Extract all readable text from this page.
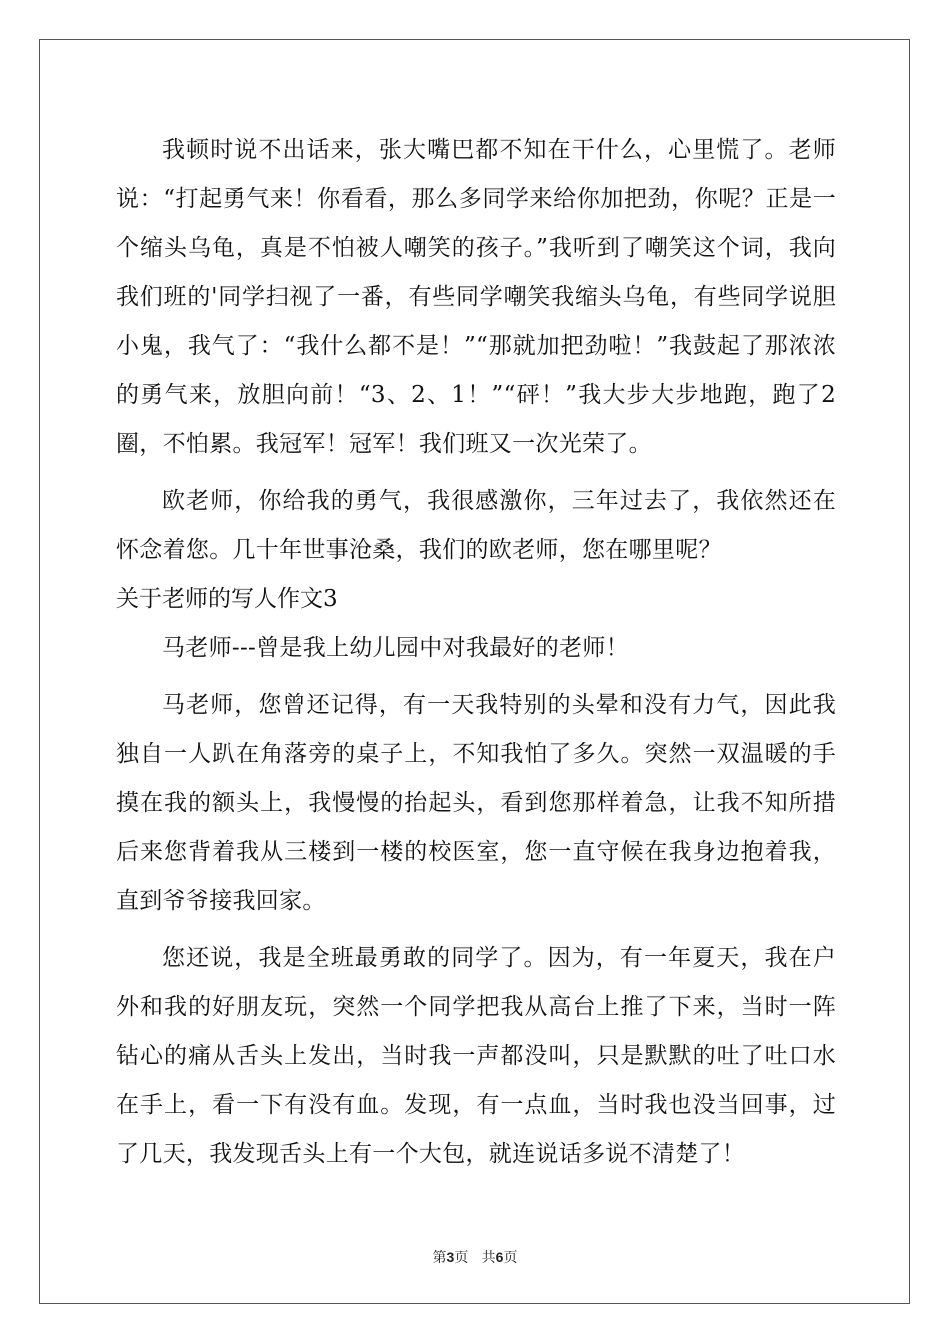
我顿时说不出话来，张大嘴巴都不知在干什么，心里慌了。老师说：“打起勇气来！你看看，那么多同学来给你加把劲，你呢？正是一个缩头乌龟，真是不怕被人嘲笑的孩子。”我听到了嘲笑这个词，我向我们班的'同学扫视了一番，有些同学嘲笑我缩头乌龟，有些同学说胆小鬼，我气了：“我什么都不是！”“那就加把劲啦！”我鼓起了那浓浓的勇气来，放胆向前！“3、2、1！”“砰！”我大步大步地跑，跑了2圈，不怕累。我冠军！冠军！我们班又一次光荣了。

欧老师，你给我的勇气，我很感激你，三年过去了，我依然还在怀念着您。几十年世事沧桑，我们的欧老师，您在哪里呢？

关于老师的写人作文3

马老师---曾是我上幼儿园中对我最好的老师！

马老师，您曾还记得，有一天我特别的头晕和没有力气，因此我独自一人趴在角落旁的桌子上，不知我怕了多久。突然一双温暖的手摸在我的额头上，我慢慢的抬起头，看到您那样着急，让我不知所措后来您背着我从三楼到一楼的校医室，您一直守候在我身边抱着我，直到爷爷接我回家。

您还说，我是全班最勇敢的同学了。因为，有一年夏天，我在户外和我的好朋友玩，突然一个同学把我从高台上推了下来，当时一阵钻心的痛从舌头上发出，当时我一声都没叫，只是默默的吐了吐口水在手上，看一下有没有血。发现，有一点血，当时我也没当回事，过了几天，我发现舌头上有一个大包，就连说话多说不清楚了！

第3页 共6页
